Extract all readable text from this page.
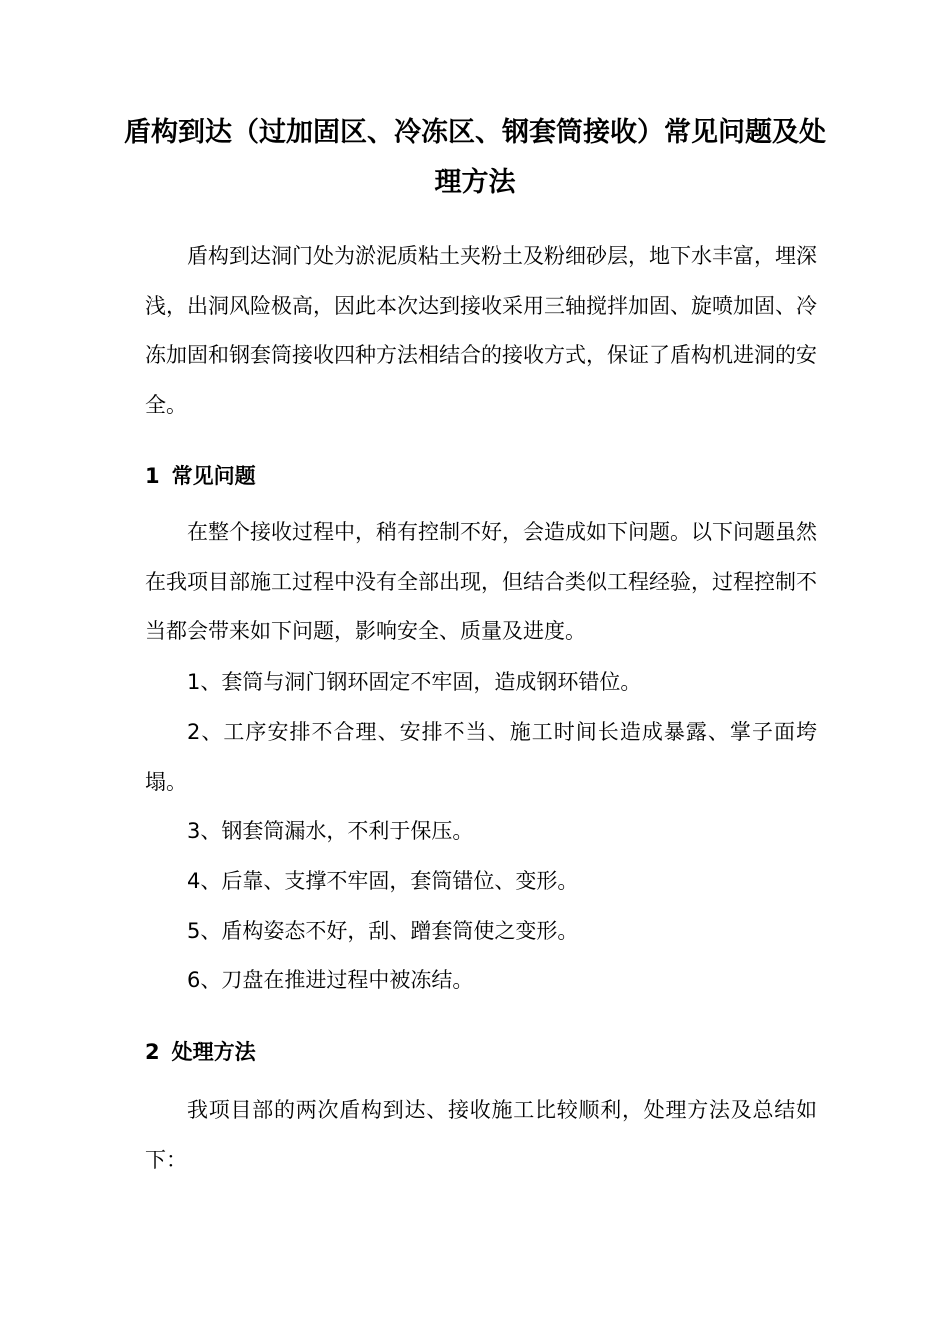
盾构到达（过加固区、冷冻区、钢套筒接收）常见问题及处理方法

盾构到达洞门处为淤泥质粘土夹粉土及粉细砂层，地下水丰富，埋深浅，出洞风险极高，因此本次达到接收采用三轴搅拌加固、旋喷加固、冷冻加固和钢套筒接收四种方法相结合的接收方式，保证了盾构机进洞的安全。

1 常见问题

在整个接收过程中，稍有控制不好，会造成如下问题。以下问题虽然在我项目部施工过程中没有全部出现，但结合类似工程经验，过程控制不当都会带来如下问题，影响安全、质量及进度。

1、套筒与洞门钢环固定不牢固，造成钢环错位。

2、工序安排不合理、安排不当、施工时间长造成暴露、掌子面垮塌。

3、钢套筒漏水，不利于保压。

4、后靠、支撑不牢固，套筒错位、变形。

5、盾构姿态不好，刮、蹭套筒使之变形。

6、刀盘在推进过程中被冻结。

2 处理方法

我项目部的两次盾构到达、接收施工比较顺利，处理方法及总结如下：
